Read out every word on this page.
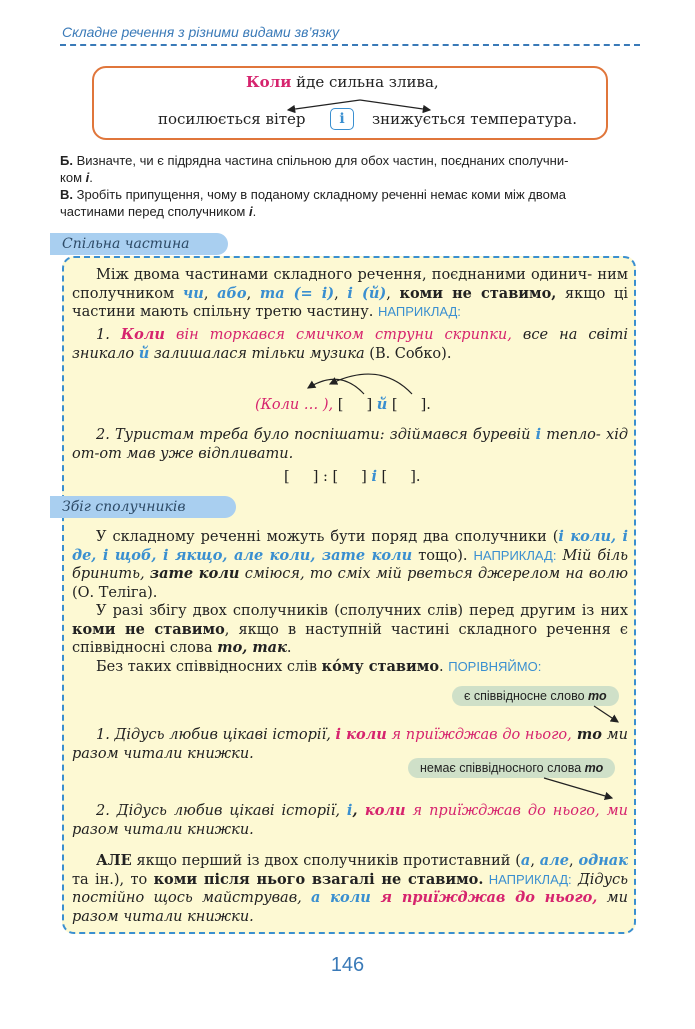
Складне речення з різними видами зв’язку
Коли йде сильна злива,
посилюється вітер	і	знижується температура.
Б. Визначте, чи є підрядна частина спільною для обох частин, поєднаних сполучни-
ком і.
В. Зробіть припущення, чому в поданому складному реченні немає коми між двома
частинами перед сполучником і.
Спільна частина
Між двома частинами складного речення, поєднаними одинич- ним сполучником чи, або, та (= і), і (й), коми не ставимо, якщо ці частини мають спільну третю частину. НАПРИКЛАД:
1. Коли він торкався смичком струни скрипки, все на світі зникало й залишалася тільки музика (В. Собко).
(Коли … ), [     ] й [     ].
2. Туристам треба було поспішати: здіймався буревій і тепло- хід от-от мав уже відпливати.
[     ] : [     ] і [     ].
Збіг сполучників
У складному реченні можуть бути поряд два сполучники (і коли, і де, і щоб, і якщо, але коли, зате коли тощо). НАПРИКЛАД: Мій біль бринить, зате коли сміюся, то сміх мій рветься джерелом на волю (О. Теліга).
У разі збігу двох сполучників (сполучних слів) перед другим із них коми не ставимо, якщо в наступній частині складного речення є співвідносні слова то, так.
Без таких співвідносних слів кóму ставимо. ПОРІВНЯЙМО:
є співвідносне слово то
1. Дідусь любив цікаві історії, і коли я приїжджав до нього, то ми разом читали книжки.
немає співвідносного слова то
2. Дідусь любив цікаві історії, і, коли я приїжджав до нього, ми разом читали книжки.
АЛЕ якщо перший із двох сполучників протиставний (а, але, однак та ін.), то коми після нього взагалі не ставимо. НАПРИКЛАД: Дідусь постійно щось майстрував, а коли я приїжджав до нього, ми разом читали книжки.
146
